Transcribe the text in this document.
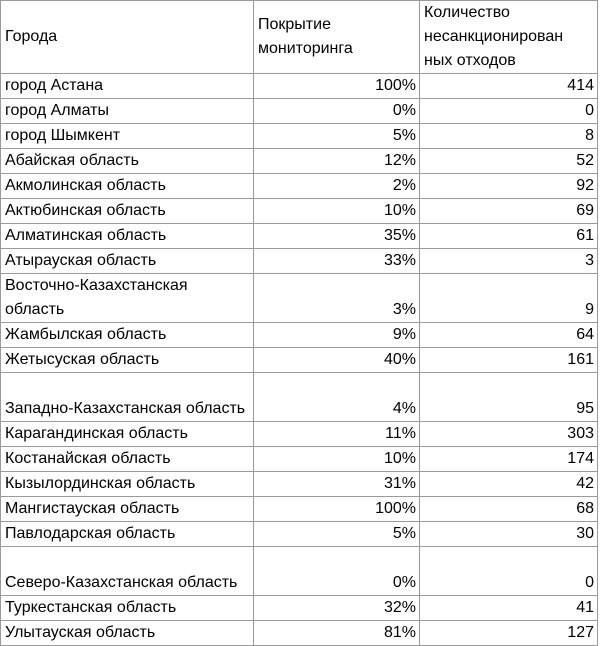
Города	Покрытие мониторинга	Количество несанкционирован ных отходов
город Астана	100%	414
город Алматы	0%	0
город Шымкент	5%	8
Абайская область	12%	52
Акмолинская область	2%	92
Актюбинская область	10%	69
Алматинская область	35%	61
Атырауская область	33%	3
Восточно-Казахстанская область	3%	9
Жамбылская область	9%	64
Жетысуская область	40%	161
Западно-Казахстанская область	4%	95
Карагандинская область	11%	303
Костанайская область	10%	174
Кызылординская область	31%	42
Мангистауская область	100%	68
Павлодарская область	5%	30
Северо-Казахстанская область	0%	0
Туркестанская область	32%	41
Улытауская область	81%	127
